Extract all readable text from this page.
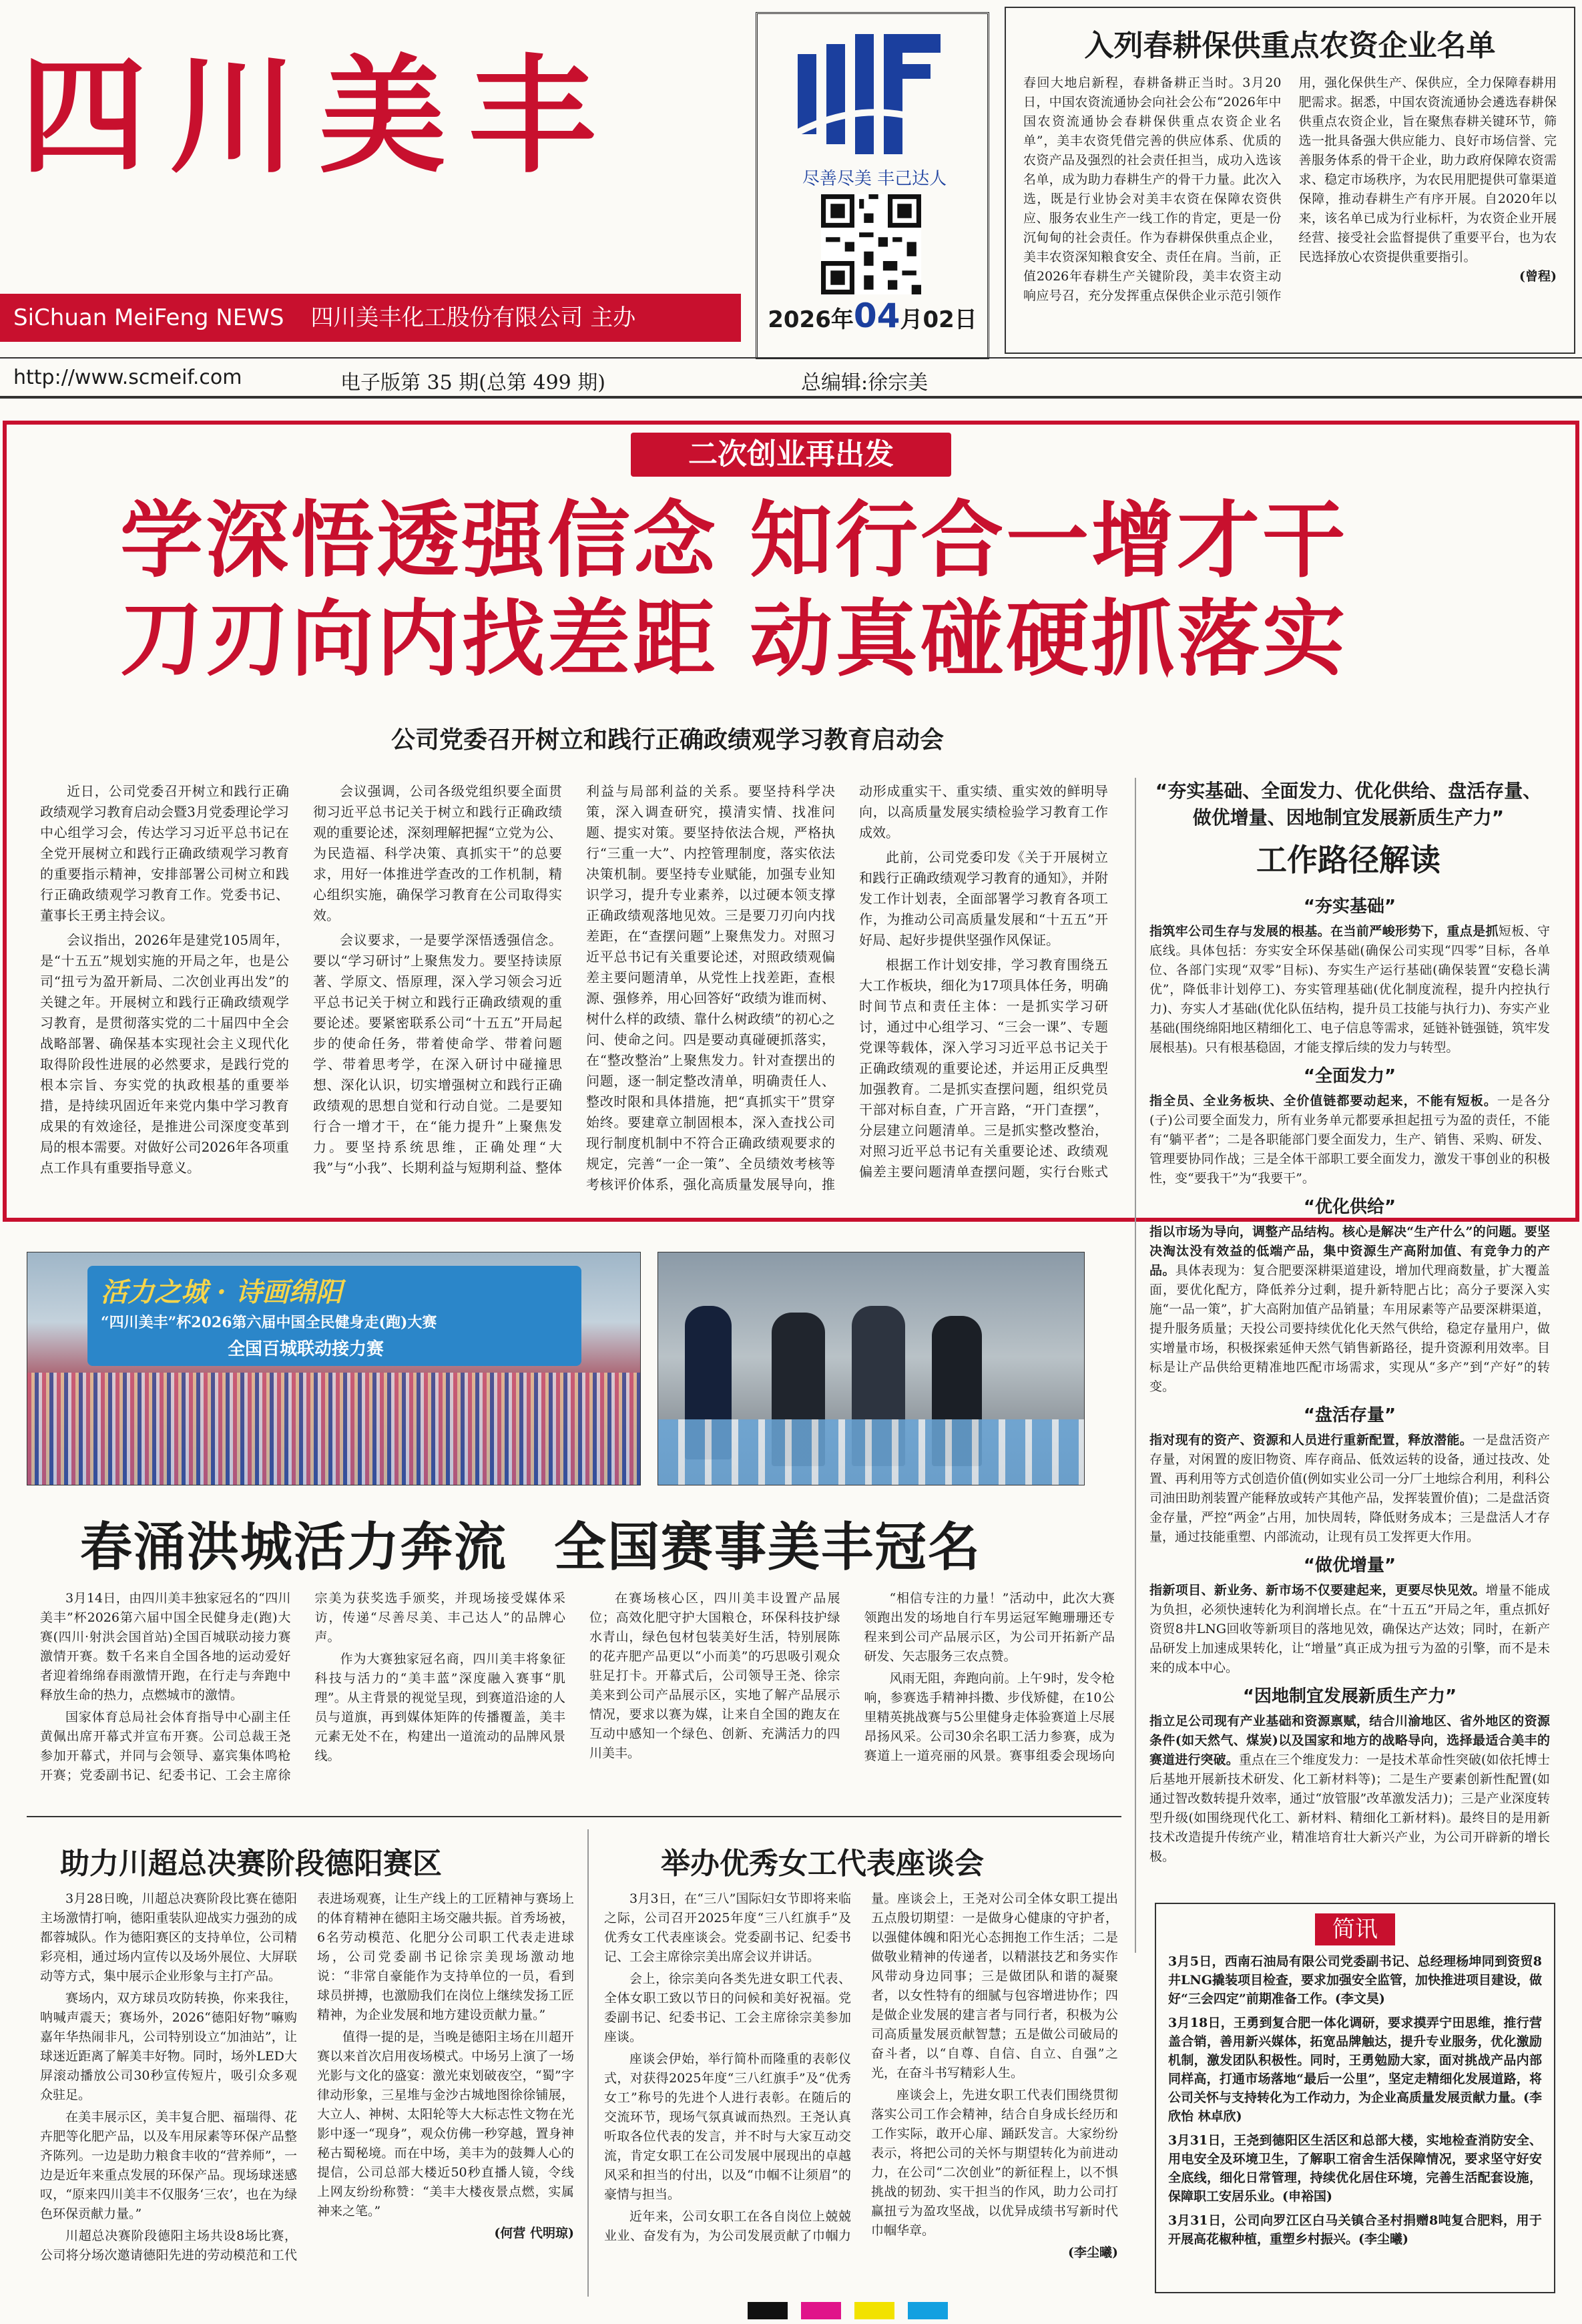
四川美丰
SiChuan MeiFeng NEWS 四川美丰化工股份有限公司 主办
尽善尽美 丰己达人
2026年04月02日
入列春耕保供重点农资企业名单
春回大地启新程，春耕备耕正当时。3月20日，中国农资流通协会向社会公布“2026年中国农资流通协会春耕保供重点农资企业名单”，美丰农资凭借完善的供应体系、优质的农资产品及强烈的社会责任担当，成功入选该名单，成为助力春耕生产的骨干力量。此次入选，既是行业协会对美丰农资在保障农资供应、服务农业生产一线工作的肯定，更是一份沉甸甸的社会责任。作为春耕保供重点企业，美丰农资深知粮食安全、责任在肩。当前，正值2026年春耕生产关键阶段，美丰农资主动响应号召，充分发挥重点保供企业示范引领作用，强化保供生产、保供应，全力保障春耕用肥需求。据悉，中国农资流通协会遴选春耕保供重点农资企业，旨在聚焦春耕关键环节，筛选一批具备强大供应能力、良好市场信誉、完善服务体系的骨干企业，助力政府保障农资需求、稳定市场秩序，为农民用肥提供可靠渠道保障，推动春耕生产有序开展。自2020年以来，该名单已成为行业标杆，为农资企业开展经营、接受社会监督提供了重要平台，也为农民选择放心农资提供重要指引。
(曾程)
http://www.scmeif.com	电子版第 35 期(总第 499 期)	总编辑:徐宗美
二次创业再出发
学深悟透强信念 知行合一增才干
刀刃向内找差距 动真碰硬抓落实
公司党委召开树立和践行正确政绩观学习教育启动会

近日，公司党委召开树立和践行正确政绩观学习教育启动会暨3月党委理论学习中心组学习会，传达学习习近平总书记在全党开展树立和践行正确政绩观学习教育的重要指示精神，安排部署公司树立和践行正确政绩观学习教育工作。党委书记、董事长王勇主持会议。

会议指出，2026年是建党105周年，是“十五五”规划实施的开局之年，也是公司“扭亏为盈开新局、二次创业再出发”的关键之年。开展树立和践行正确政绩观学习教育，是贯彻落实党的二十届四中全会战略部署、确保基本实现社会主义现代化取得阶段性进展的必然要求，是践行党的根本宗旨、夯实党的执政根基的重要举措，是持续巩固近年来党内集中学习教育成果的有效途径，是推进公司深度变革到局的根本需要。对做好公司2026年各项重点工作具有重要指导意义。

会议强调，公司各级党组织要全面贯彻习近平总书记关于树立和践行正确政绩观的重要论述，深刻理解把握“立党为公、为民造福、科学决策、真抓实干”的总要求，用好一体推进学查改的工作机制，精心组织实施，确保学习教育在公司取得实效。

会议要求，一是要学深悟透强信念。要以“学习研讨”上聚焦发力。要坚持读原著、学原文、悟原理，深入学习领会习近平总书记关于树立和践行正确政绩观的重要论述。要紧密联系公司“十五五”开局起步的使命任务，带着使命学、带着问题学、带着思考学，在深入研讨中碰撞思想、深化认识，切实增强树立和践行正确政绩观的思想自觉和行动自觉。二是要知行合一增才干，在“能力提升”上聚焦发力。要坚持系统思维，正确处理“大我”与“小我”、长期利益与短期利益、整体利益与局部利益的关系。要坚持科学决策，深入调查研究，摸清实情、找准问题、提实对策。要坚持依法合规，严格执行“三重一大”、内控管理制度，落实依法决策机制。要坚持专业赋能，加强专业知识学习，提升专业素养，以过硬本领支撑正确政绩观落地见效。三是要刀刃向内找差距，在“查摆问题”上聚焦发力。对照习近平总书记有关重要论述，对照政绩观偏差主要问题清单，从党性上找差距，查根源、强修养，用心回答好“政绩为谁而树、树什么样的政绩、靠什么树政绩”的初心之问、使命之问。四是要动真碰硬抓落实，在“整改整治”上聚焦发力。针对查摆出的问题，逐一制定整改清单，明确责任人、整改时限和具体措施，把“真抓实干”贯穿始终。要建章立制固根本，深入查找公司现行制度机制中不符合正确政绩观要求的规定，完善“一企一策”、全员绩效考核等考核评价体系，强化高质量发展导向，推动形成重实干、重实绩、重实效的鲜明导向，以高质量发展实绩检验学习教育工作成效。

此前，公司党委印发《关于开展树立和践行正确政绩观学习教育的通知》，并附发工作计划表，全面部署学习教育各项工作，为推动公司高质量发展和“十五五”开好局、起好步提供坚强作风保证。

根据工作计划安排，学习教育围绕五大工作板块，细化为17项具体任务，明确时间节点和责任主体：一是抓实学习研讨，通过中心组学习、“三会一课”、专题党课等载体，深入学习习近平总书记关于正确政绩观的重要论述，并运用正反典型加强教育。二是抓实查摆问题，组织党员干部对标自查，广开言路，“开门查摆”，分层建立问题清单。三是抓实整改整治，对照习近平总书记有关重要论述、政绩观偏差主要问题清单查摆问题，实行台账式

“夯实基础、全面发力、优化供给、盘活存量、
做优增量、因地制宜发展新质生产力”
工作路径解读
“夯实基础”

指筑牢公司生存与发展的根基。在当前严峻形势下，重点是抓短板、守底线。具体包括：夯实安全环保基础(确保公司实现“四零”目标，各单位、各部门实现“双零”目标)、夯实生产运行基础(确保装置“安稳长满优”，降低非计划停工)、夯实管理基础(优化制度流程，提升内控执行力)、夯实人才基础(优化队伍结构，提升员工技能与执行力)、夯实产业基础(围绕绵阳地区精细化工、电子信息等需求，延链补链强链，筑牢发展根基)。只有根基稳固，才能支撑后续的发力与转型。

“全面发力”

指全员、全业务板块、全价值链都要动起来，不能有短板。一是各分(子)公司要全面发力，所有业务单元都要承担起扭亏为盈的责任，不能有“躺平者”；二是各职能部门要全面发力，生产、销售、采购、研发、管理要协同作战；三是全体干部职工要全面发力，激发干事创业的积极性，变“要我干”为“我要干”。

“优化供给”

指以市场为导向，调整产品结构。核心是解决“生产什么”的问题。要坚决淘汰没有效益的低端产品，集中资源生产高附加值、有竞争力的产品。具体表现为：复合肥要深耕渠道建设，增加代理商数量，扩大覆盖面，要优化配方，降低养分过剩，提升新特肥占比；高分子要深入实施“一品一策”，扩大高附加值产品销量；车用尿素等产品要深耕渠道，提升服务质量；天投公司要持续优化化天然气供给，稳定存量用户，做实增量市场，积极探索延伸天然气销售新路径，提升资源利用效率。目标是让产品供给更精准地匹配市场需求，实现从“多产”到“产好”的转变。

“盘活存量”

指对现有的资产、资源和人员进行重新配置，释放潜能。一是盘活资产存量，对闲置的废旧物资、库存商品、低效运转的设备，通过技改、处置、再利用等方式创造价值(例如实业公司一分厂土地综合利用，利科公司油田助剂装置产能释放或转产其他产品，发挥装置价值)；二是盘活资金存量，严控“两金”占用，加快周转，降低财务成本；三是盘活人才存量，通过技能重塑、内部流动，让现有员工发挥更大作用。

“做优增量”

指新项目、新业务、新市场不仅要建起来，更要尽快见效。增量不能成为负担，必须快速转化为利润增长点。在“十五五”开局之年，重点抓好资贸8井LNG回收等新项目的落地见效，确保达产达效；同时，在新产品研发上加速成果转化，让“增量”真正成为扭亏为盈的引擎，而不是未来的成本中心。

“因地制宜发展新质生产力”

指立足公司现有产业基础和资源禀赋，结合川渝地区、省外地区的资源条件(如天然气、煤炭)以及国家和地方的战略导向，选择最适合美丰的赛道进行突破。重点在三个维度发力：一是技术革命性突破(如依托博士后基地开展新技术研发、化工新材料等)；二是生产要素创新性配置(如通过智改数转提升效率，通过“放管服”改革激发活力)；三是产业深度转型升级(如围绕现代化工、新材料、精细化工新材料)。最终目的是用新技术改造提升传统产业，精准培育壮大新兴产业，为公司开辟新的增长极。

活力之城 · 诗画绵阳
“四川美丰”杯2026第六届中国全民健身走(跑)大赛
全国百城联动接力赛
春涌洪城活力奔流 全国赛事美丰冠名

3月14日，由四川美丰独家冠名的“四川美丰”杯2026第六届中国全民健身走(跑)大赛(四川·射洪会国首站)全国百城联动接力赛激情开赛。数千名来自全国各地的运动爱好者迎着绵绵春雨激情开跑，在行走与奔跑中释放生命的热力，点燃城市的激情。

国家体育总局社会体育指导中心副主任黄佩出席开幕式并宣布开赛。公司总裁王尧参加开幕式，并同与会领导、嘉宾集体鸣枪开赛；党委副书记、纪委书记、工会主席徐宗美为获奖选手颁奖，并现场接受媒体采访，传递“尽善尽美、丰己达人”的品牌心声。

作为大赛独家冠名商，四川美丰将象征科技与活力的“美丰蓝”深度融入赛事“肌理”。从主背景的视觉呈现，到赛道沿途的人员与道旗，再到媒体矩阵的传播覆盖，美丰元素无处不在，构建出一道流动的品牌风景线。

在赛场核心区，四川美丰设置产品展位；高效化肥守护大国粮仓，环保科技护绿水青山，绿色包材包装美好生活，特别展陈的花卉肥产品更以“小而美”的巧思吸引观众驻足打卡。开幕式后，公司领导王尧、徐宗美来到公司产品展示区，实地了解产品展示情况，要求以赛为媒，让来自全国的跑友在互动中感知一个绿色、创新、充满活力的四川美丰。

“相信专注的力量！”活动中，此次大赛领跑出发的场地自行车男运冠军鲍珊珊还专程来到公司产品展示区，为公司开拓新产品研发、矢志服务三农点赞。

风雨无阻，奔跑向前。上午9时，发令枪响，参赛选手精神抖擞、步伐矫健，在10公里精英挑战赛与5公里健身走体验赛道上尽展昂扬风采。公司30余名职工活力参赛，成为赛道上一道亮丽的风景。赛事组委会现场向

助力川超总决赛阶段德阳赛区

3月28日晚，川超总决赛阶段比赛在德阳主场激情打响，德阳重装队迎战实力强劲的成都蓉城队。作为德阳赛区的支持单位，公司精彩亮相，通过场内宣传以及场外展位、大屏联动等方式，集中展示企业形象与主打产品。

赛场内，双方球员攻防转换，你来我往，呐喊声震天；赛场外，2026“德阳好物”嘛购嘉年华热闹非凡，公司特别设立“加油站”，让球迷近距离了解美丰好物。同时，场外LED大屏滚动播放公司30秒宣传短片，吸引众多观众驻足。

在美丰展示区，美丰复合肥、福瑞得、花卉肥等化肥产品，以及车用尿素等环保产品整齐陈列。一边是助力粮食丰收的“营养师”，一边是近年来重点发展的环保产品。现场球迷感叹，“原来四川美丰不仅服务‘三农’，也在为绿色环保贡献力量。”

川超总决赛阶段德阳主场共设8场比赛，公司将分场次邀请德阳先进的劳动模范和工代表进场观赛，让生产线上的工匠精神与赛场上的体育精神在德阳主场交融共振。首秀场被，6名劳动模范、化肥分公司职工代表走进球场，公司党委副书记徐宗美现场激动地说：“非常自豪能作为支持单位的一员，看到球员拼搏，也激励我们在岗位上继续发扬工匠精神，为企业发展和地方建设贡献力量。”

值得一提的是，当晚是德阳主场在川超开赛以来首次启用夜场模式。中场另上演了一场光影与文化的盛宴：激光束划破夜空，“蜀”字律动形象，三星堆与金沙古城地图徐徐铺展，大立人、神树、太阳轮等大大标志性文物在光影中逐一“现身”，观众仿佛一秒穿越，置身神秘古蜀秘境。而在中场，美丰为的鼓舞人心的提信，公司总部大楼近50秒直播人镜，令线上网友纷纷称赞：“美丰大楼夜景点燃，实属神来之笔。”

(何营 代明琼)

举办优秀女工代表座谈会

3月3日，在“三八”国际妇女节即将来临之际，公司召开2025年度“三八红旗手”及优秀女工代表座谈会。党委副书记、纪委书记、工会主席徐宗美出席会议并讲话。

会上，徐宗美向各类先进女职工代表、全体女职工致以节日的问候和美好祝福。党委副书记、纪委书记、工会主席徐宗美参加座谈。

座谈会伊始，举行简朴而隆重的表彰仪式，对获得2025年度“三八红旗手”及“优秀女工”称号的先进个人进行表彰。在随后的交流环节，现场气氛真诚而热烈。王尧认真听取各位代表的发言，并不时与大家互动交流，肯定女职工在公司发展中展现出的卓越风采和担当的付出，以及“巾帼不让须眉”的豪情与担当。

近年来，公司女职工在各自岗位上兢兢业业、奋发有为，为公司发展贡献了巾帼力量。座谈会上，王尧对公司全体女职工提出五点殷切期望：一是做身心健康的守护者，以强健体魄和阳光心态拥抱工作生活；二是做敬业精神的传递者，以精湛技艺和务实作风带动身边同事；三是做团队和谐的凝聚者，以女性特有的细腻与包容增进协作；四是做企业发展的建言者与同行者，积极为公司高质量发展贡献智慧；五是做公司破局的奋斗者，以“自尊、自信、自立、自强”之光，在奋斗书写精彩人生。

座谈会上，先进女职工代表们围绕贯彻落实公司工作会精神，结合自身成长经历和工作实际，敢开心扉、踊跃发言。大家纷纷表示，将把公司的关怀与期望转化为前进动力，在公司“二次创业”的新征程上，以不惧挑战的韧劲、实干担当的作风，助力公司打赢扭亏为盈攻坚战，以优异成绩书写新时代巾帼华章。

(李尘曦)

简讯

3月5日，西南石油局有限公司党委副书记、总经理杨坤同到资贸8井LNG撬装项目检查，要求加强安全监管，加快推进项目建设，做好“三会四定”前期准备工作。(李文昊)

3月18日，王勇到复合肥一体化调研，要求摸弄宁田思维，推行营盖合销，善用新兴媒体，拓宽品牌触达，提升专业服务，优化激励机制，激发团队积极性。同时，王勇勉励大家，面对挑战产品内部同样高，打通市场落地“最后一公里”，坚定走精细化发展道路，将公司关怀与支持转化为工作动力，为企业高质量发展贡献力量。(李欣怡 林卓欣)

3月31日，王尧到德阳区生活区和总部大楼，实地检查消防安全、用电安全及环境卫生，了解职工宿舍生活保障情况，要求坚守好安全底线，细化日常管理，持续优化居住环境，完善生活配套设施，保障职工安居乐业。(申裕国)

3月31日，公司向罗江区白马关镇合圣村捐赠8吨复合肥料，用于开展高花椒种植，重塑乡村振兴。(李尘曦)
